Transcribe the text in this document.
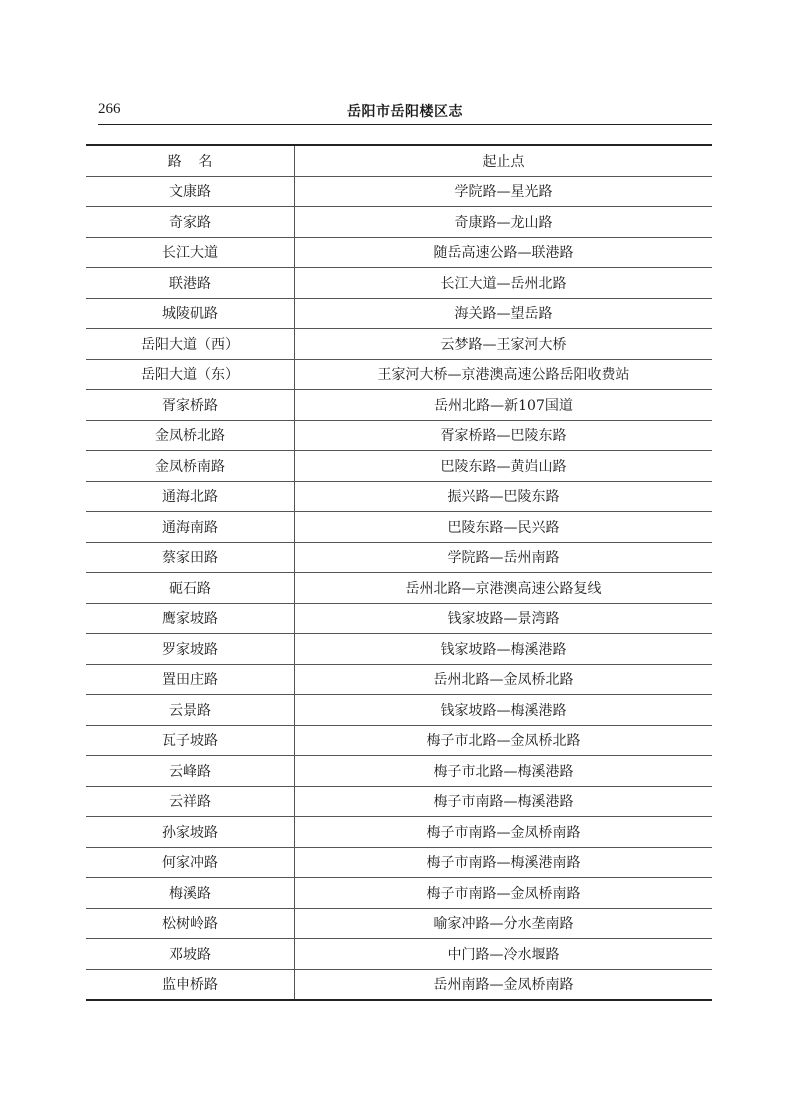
266	岳阳市岳阳楼区志
路名	起止点
文康路	学院路—星光路
奇家路	奇康路—龙山路
长江大道	随岳高速公路—联港路
联港路	长江大道—岳州北路
城陵矶路	海关路—望岳路
岳阳大道（西）	云梦路—王家河大桥
岳阳大道（东）	王家河大桥—京港澳高速公路岳阳收费站
胥家桥路	岳州北路—新107国道
金凤桥北路	胥家桥路—巴陵东路
金凤桥南路	巴陵东路—黄岿山路
通海北路	振兴路—巴陵东路
通海南路	巴陵东路—民兴路
蔡家田路	学院路—岳州南路
砈石路	岳州北路—京港澳高速公路复线
鹰家坡路	钱家坡路—景湾路
罗家坡路	钱家坡路—梅溪港路
置田庄路	岳州北路—金凤桥北路
云景路	钱家坡路—梅溪港路
瓦子坡路	梅子市北路—金凤桥北路
云峰路	梅子市北路—梅溪港路
云祥路	梅子市南路—梅溪港路
孙家坡路	梅子市南路—金凤桥南路
何家冲路	梅子市南路—梅溪港南路
梅溪路	梅子市南路—金凤桥南路
松树岭路	喻家冲路—分水垄南路
邓坡路	中门路—冷水堰路
监申桥路	岳州南路—金凤桥南路
